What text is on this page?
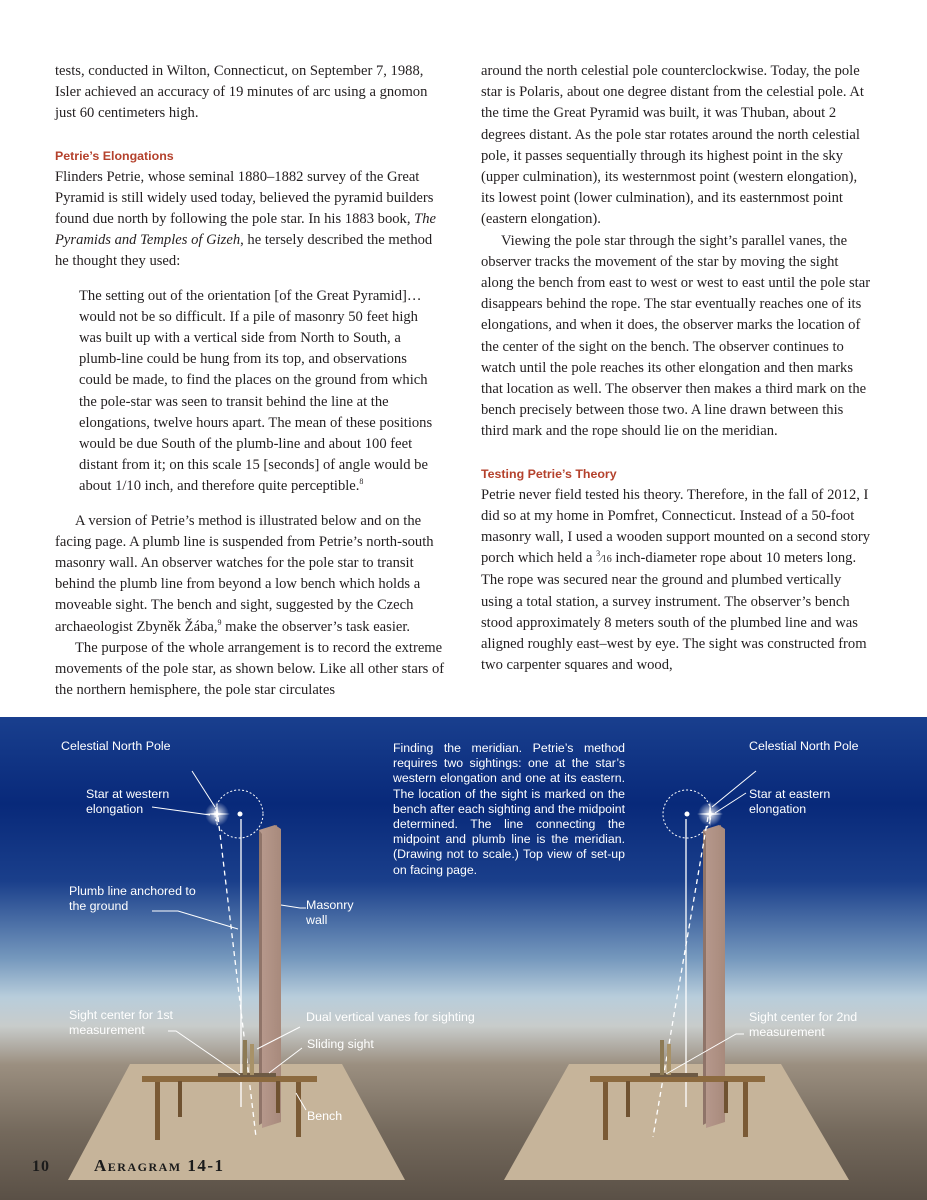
tests, conducted in Wilton, Connecticut, on September 7, 1988, Isler achieved an accuracy of 19 minutes of arc using a gnomon just 60 centimeters high.

Petrie’s Elongations

Flinders Petrie, whose seminal 1880–1882 survey of the Great Pyramid is still widely used today, believed the pyramid builders found due north by following the pole star. In his 1883 book, The Pyramids and Temples of Gizeh, he tersely described the method he thought they used:

The setting out of the orientation [of the Great Pyramid]… would not be so difficult. If a pile of masonry 50 feet high was built up with a vertical side from North to South, a plumb-line could be hung from its top, and observations could be made, to find the places on the ground from which the pole-star was seen to transit behind the line at the elongations, twelve hours apart. The mean of these positions would be due South of the plumb-line and about 100 feet distant from it; on this scale 15 [seconds] of angle would be about 1/10 inch, and therefore quite perceptible.$^8$

A version of Petrie’s method is illustrated below and on the facing page. A plumb line is suspended from Petrie’s north-south masonry wall. An observer watches for the pole star to transit behind the plumb line from beyond a low bench which holds a moveable sight. The bench and sight, suggested by the Czech archaeologist Zbyněk Žába,$^9$ make the observer’s task easier.

The purpose of the whole arrangement is to record the extreme movements of the pole star, as shown below. Like all other stars of the northern hemisphere, the pole star circulates

around the north celestial pole counterclockwise. Today, the pole star is Polaris, about one degree distant from the celestial pole. At the time the Great Pyramid was built, it was Thuban, about 2 degrees distant. As the pole star rotates around the north celestial pole, it passes sequentially through its highest point in the sky (upper culmination), its westernmost point (western elongation), its lowest point (lower culmination), and its easternmost point (eastern elongation).

Viewing the pole star through the sight’s parallel vanes, the observer tracks the movement of the star by moving the sight along the bench from east to west or west to east until the pole star disappears behind the rope. The star eventually reaches one of its elongations, and when it does, the observer marks the location of the center of the sight on the bench. The observer continues to watch until the pole reaches its other elongation and then marks that location as well. The observer then makes a third mark on the bench precisely between those two. A line drawn between this third mark and the rope should lie on the meridian.

Testing Petrie’s Theory

Petrie never field tested his theory. Therefore, in the fall of 2012, I did so at my home in Pomfret, Connecticut. Instead of a 50-foot masonry wall, I used a wooden support mounted on a second story porch which held a $^3$⁄16 inch-diameter rope about 10 meters long. The rope was secured near the ground and plumbed vertically using a total station, a survey instrument. The observer’s bench stood approximately 8 meters south of the plumbed line and was aligned roughly east–west by eye. The sight was constructed from two carpenter squares and wood,

Celestial North Pole
Star at western elongation
Plumb line anchored to the ground	Masonry wall
Sight center for 1st measurement
Dual vertical vanes for sighting
Sliding sight
Bench
Finding the meridian. Petrie’s method requires two sightings: one at the star’s western elongation and one at its eastern. The location of the sight is marked on the bench after each sighting and the midpoint determined. The line connecting the midpoint and plumb line is the meridian. (Drawing not to scale.) Top view of set-up on facing page.
Celestial North Pole
Star at eastern elongation
Sight center for 2nd measurement
10	Aeragram 14-1
